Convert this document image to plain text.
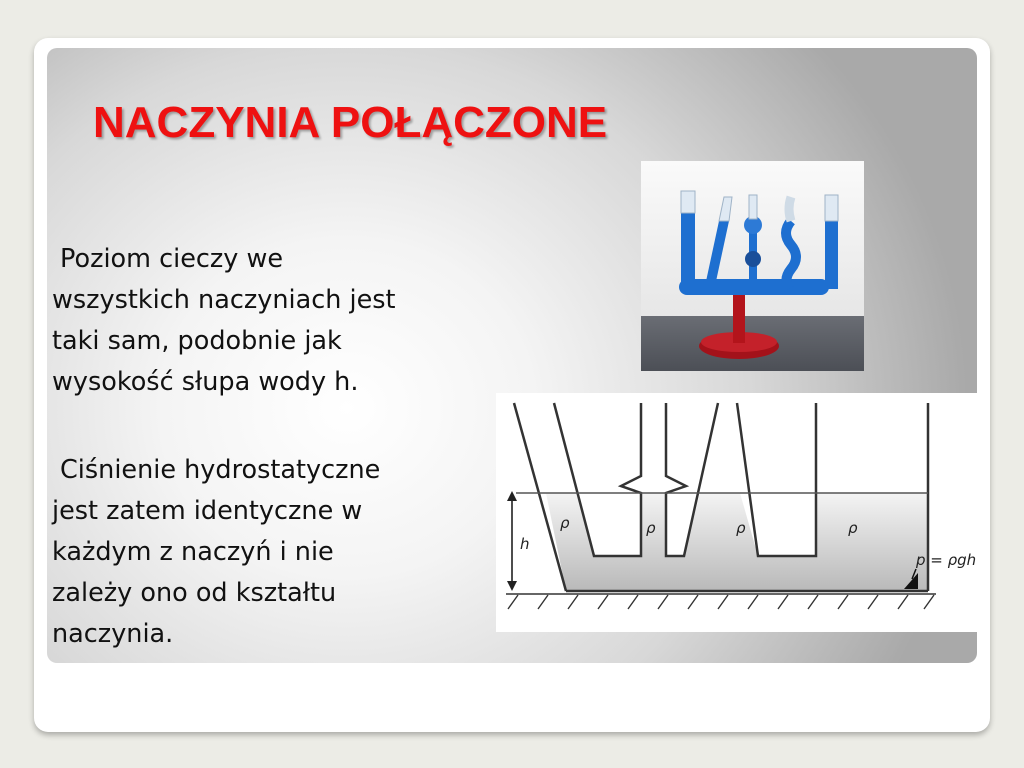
NACZYNIA POŁĄCZONE
Poziom cieczy we
wszystkich naczyniach jest
taki sam, podobnie jak
wysokość słupa wody h.
Ciśnienie hydrostatyczne
jest zatem identyczne w
każdym z naczyń i nie
zależy ono od kształtu
naczynia.
h
ρ	ρ	ρ	ρ
p = ρgh
